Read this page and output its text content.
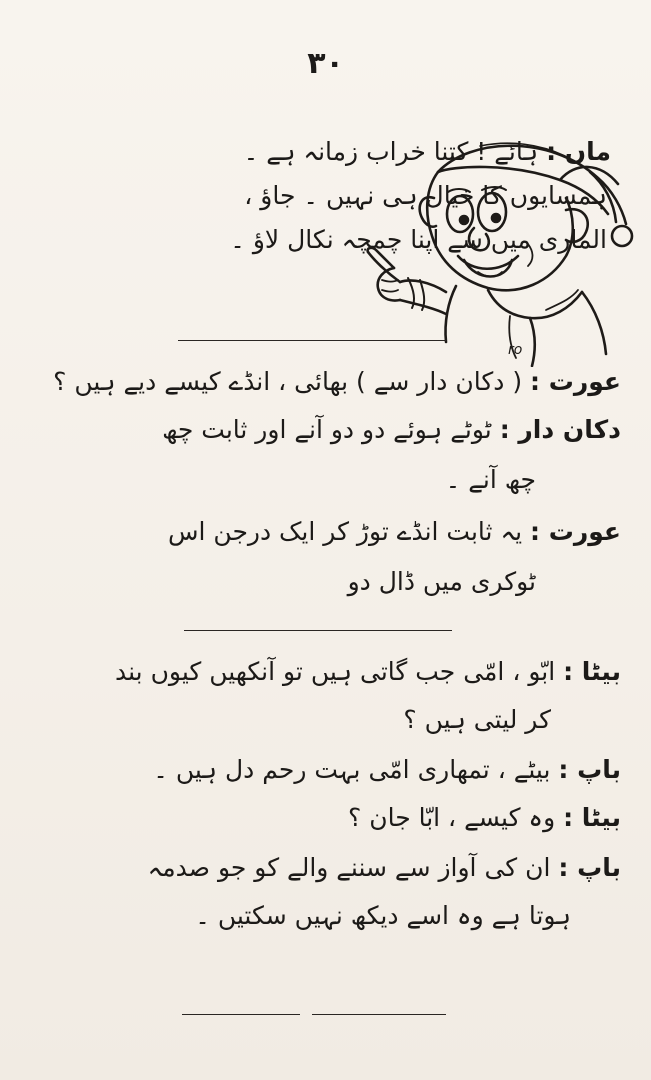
۳۰
ماں : ہائے ! کتنا خراب زمانہ ہے ۔
ہمسایوں کا خیال ہی نہیں ۔ جاؤ ،
الماری میں سے اپنا چمچہ نکال لاؤ ۔
ro
عورت : ( دکان دار سے ) بھائی ، انڈے کیسے دیے ہیں ؟
دکان دار : ٹوٹے ہوئے دو دو آنے اور ثابت چھ
چھ آنے ۔
عورت : یہ ثابت انڈے توڑ کر ایک درجن اس
ٹوکری میں ڈال دو
بیٹا : ابّو ، امّی جب گاتی ہیں تو آنکھیں کیوں بند
کر لیتی ہیں ؟
باپ : بیٹے ، تمھاری امّی بہت رحم دل ہیں ۔
بیٹا : وہ کیسے ، ابّا جان ؟
باپ : ان کی آواز سے سننے والے کو جو صدمہ
ہوتا ہے وہ اسے دیکھ نہیں سکتیں ۔
